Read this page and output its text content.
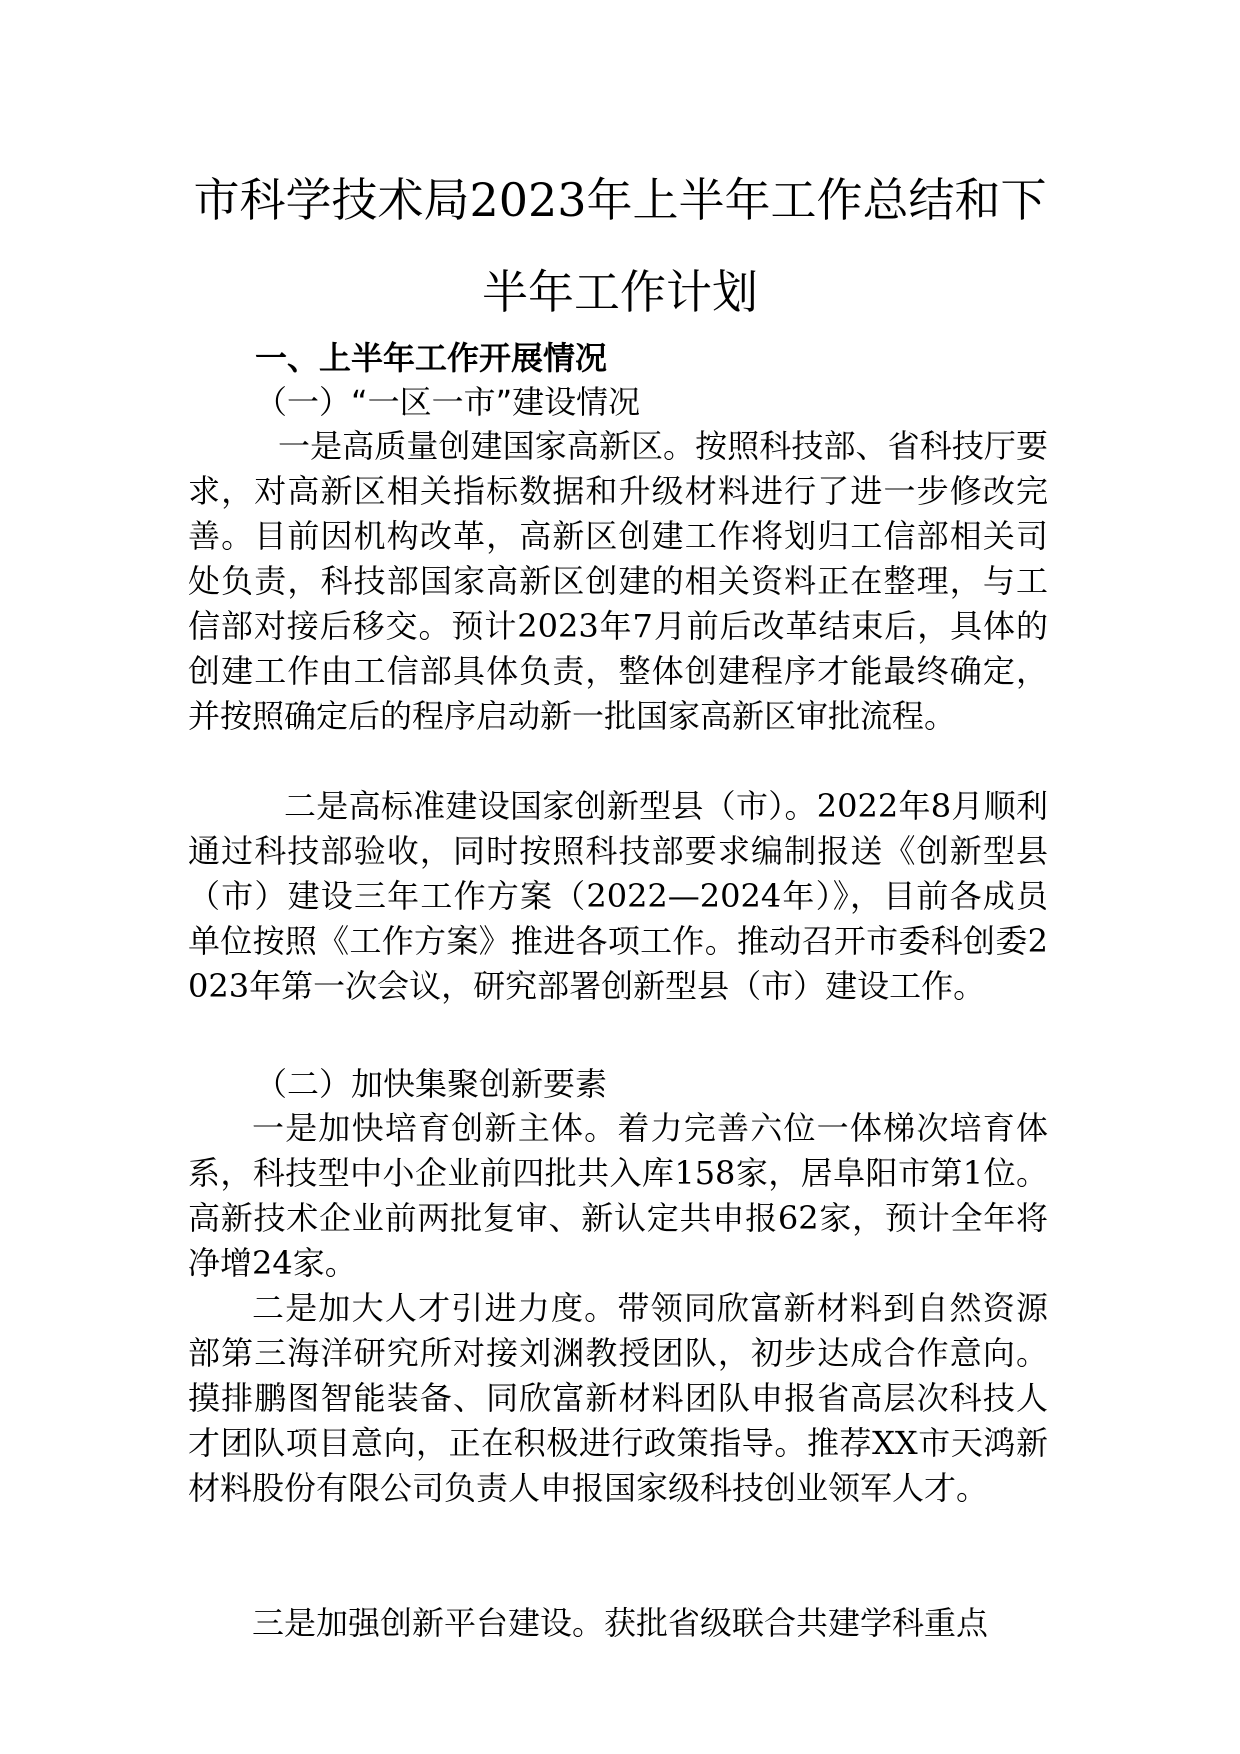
市科学技术局2023年上半年工作总结和下
半年工作计划
一、上半年工作开展情况
（一）“一区一市”建设情况

一是高质量创建国家高新区。按照科技部、省科技厅要求，对高新区相关指标数据和升级材料进行了进一步修改完善。目前因机构改革，高新区创建工作将划归工信部相关司处负责，科技部国家高新区创建的相关资料正在整理，与工信部对接后移交。预计2023年7月前后改革结束后，具体的创建工作由工信部具体负责，整体创建程序才能最终确定，并按照确定后的程序启动新一批国家高新区审批流程。

二是高标准建设国家创新型县（市）。2022年8月顺利通过科技部验收，同时按照科技部要求编制报送《创新型县（市）建设三年工作方案（2022—2024年）》，目前各成员单位按照《工作方案》推进各项工作。推动召开市委科创委2023年第一次会议，研究部署创新型县（市）建设工作。

（二）加快集聚创新要素

一是加快培育创新主体。着力完善六位一体梯次培育体系，科技型中小企业前四批共入库158家，居阜阳市第1位。高新技术企业前两批复审、新认定共申报62家，预计全年将净增24家。

二是加大人才引进力度。带领同欣富新材料到自然资源部第三海洋研究所对接刘渊教授团队，初步达成合作意向。摸排鹏图智能装备、同欣富新材料团队申报省高层次科技人才团队项目意向，正在积极进行政策指导。推荐XX市天鸿新材料股份有限公司负责人申报国家级科技创业领军人才。

三是加强创新平台建设。获批省级联合共建学科重点
